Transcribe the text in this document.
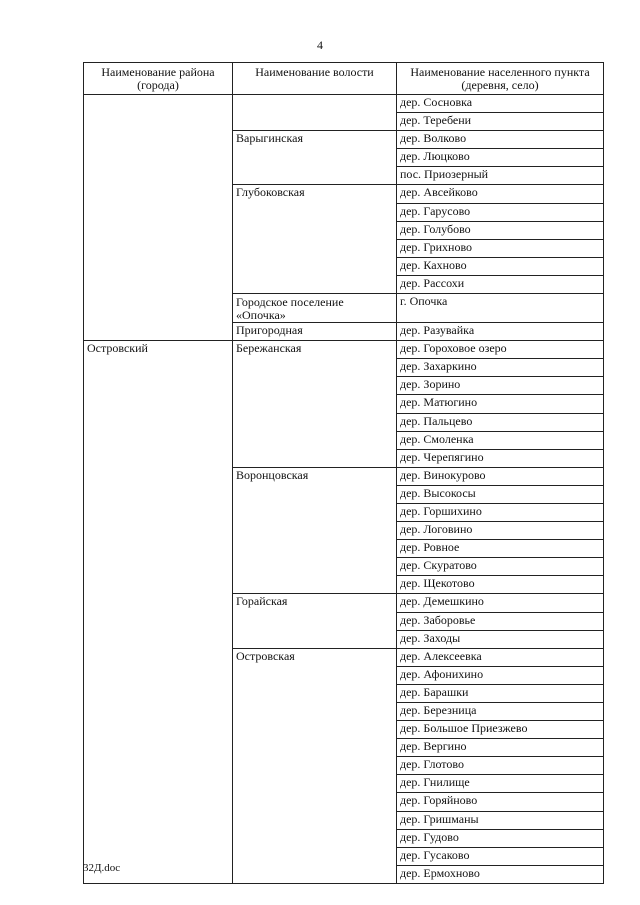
4
Наименование района (города)	Наименование волости	Наименование населенного пункта (деревня, село)
		дер. Сосновка
		дер. Теребени
	Варыгинская	дер. Волково
		дер. Люцково
		пос. Приозерный
	Глубоковская	дер. Авсейково
		дер. Гарусово
		дер. Голубово
		дер. Грихново
		дер. Кахново
		дер. Рассохи
	Городское поселение «Опочка»	г. Опочка
	Пригородная	дер. Разувайка
Островский	Бережанская	дер. Гороховое озеро
		дер. Захаркино
		дер. Зорино
		дер. Матюгино
		дер. Пальцево
		дер. Смоленка
		дер. Черепягино
	Воронцовская	дер. Винокурово
		дер. Высокосы
		дер. Горшихино
		дер. Логовино
		дер. Ровное
		дер. Скуратово
		дер. Щекотово
	Горайская	дер. Демешкино
		дер. Заборовье
		дер. Заходы
	Островская	дер. Алексеевка
		дер. Афонихино
		дер. Барашки
		дер. Березница
		дер. Большое Приезжево
		дер. Вергино
		дер. Глотово
		дер. Гнилище
		дер. Горяйново
		дер. Гришманы
		дер. Гудово
		дер. Гусаково
		дер. Ермохново
32Д.doc
